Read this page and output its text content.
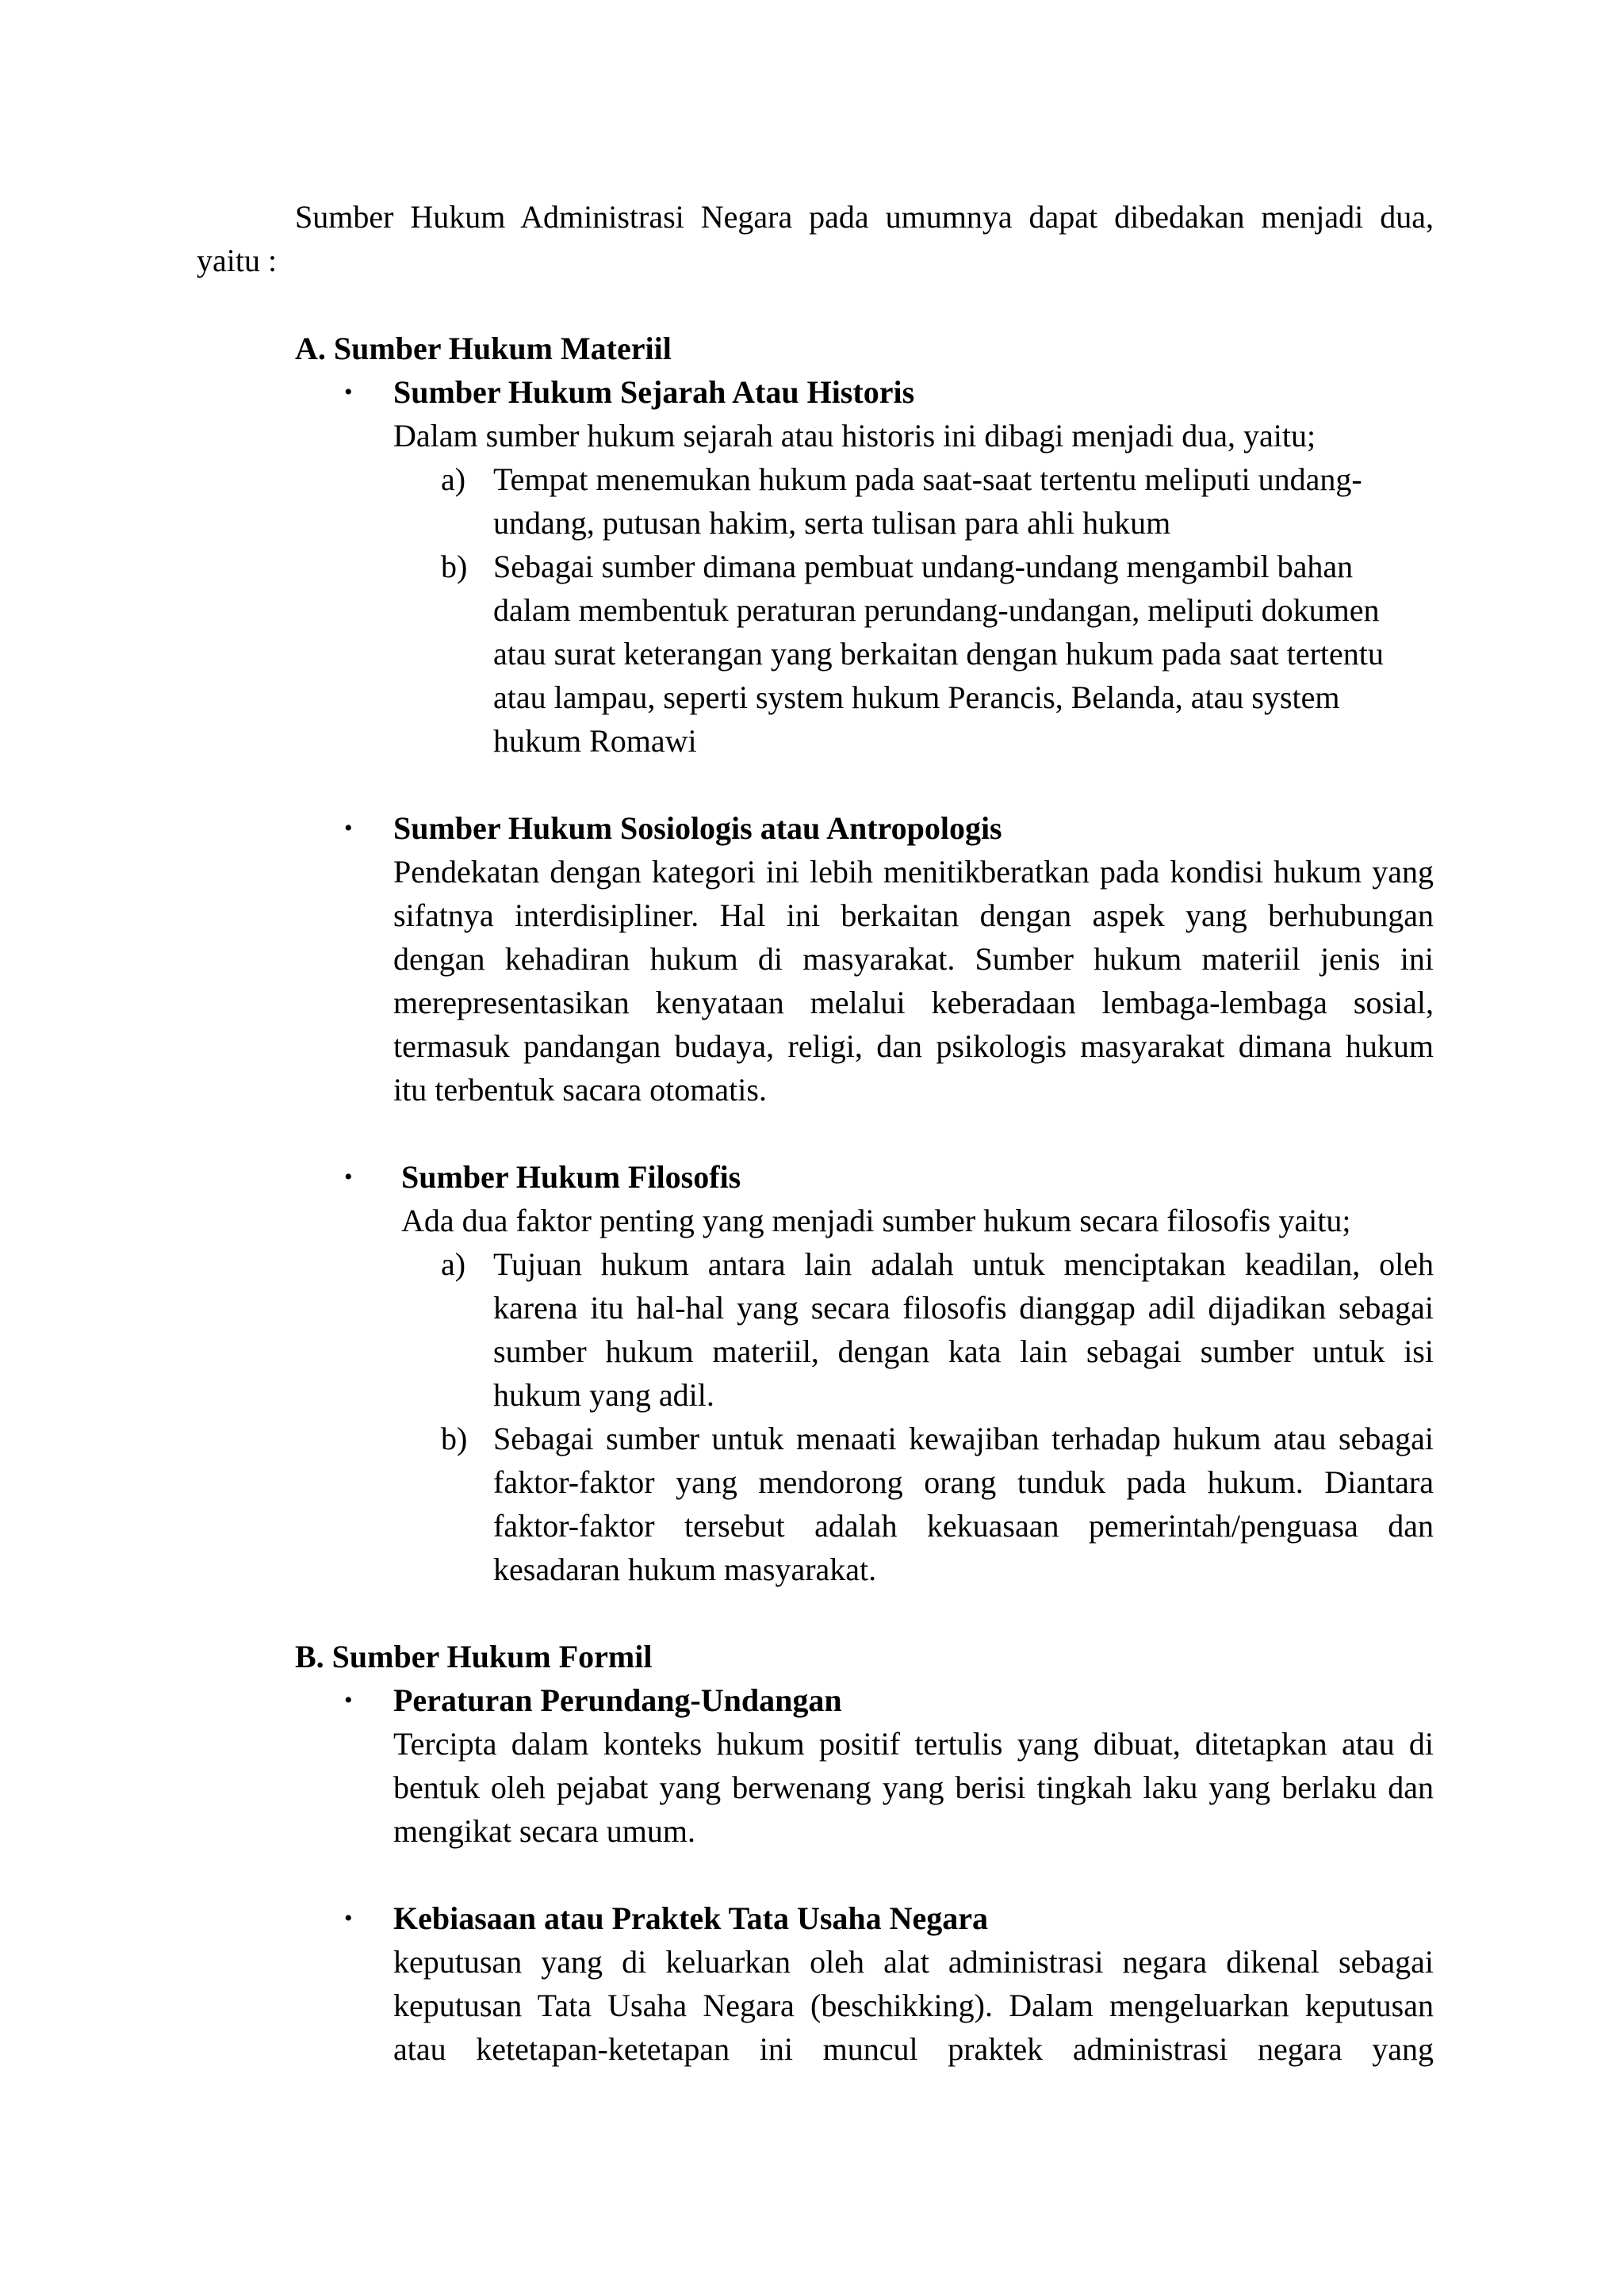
Sumber Hukum Administrasi Negara pada umumnya dapat dibedakan menjadi dua,
yaitu :
A. Sumber Hukum Materiil
• Sumber Hukum Sejarah Atau Historis
Dalam sumber hukum sejarah atau historis ini dibagi menjadi dua, yaitu;
a) Tempat menemukan hukum pada saat-saat tertentu meliputi undang-
undang, putusan hakim, serta tulisan para ahli hukum
b) Sebagai sumber dimana pembuat undang-undang mengambil bahan
dalam membentuk peraturan perundang-undangan, meliputi dokumen
atau surat keterangan yang berkaitan dengan hukum pada saat tertentu
atau lampau, seperti system hukum Perancis, Belanda, atau system
hukum Romawi
• Sumber Hukum Sosiologis atau Antropologis
Pendekatan dengan kategori ini lebih menitikberatkan pada kondisi hukum yang
sifatnya interdisipliner. Hal ini berkaitan dengan aspek yang berhubungan
dengan kehadiran hukum di masyarakat. Sumber hukum materiil jenis ini
merepresentasikan kenyataan melalui keberadaan lembaga-lembaga sosial,
termasuk pandangan budaya, religi, dan psikologis masyarakat dimana hukum
itu terbentuk sacara otomatis.
• Sumber Hukum Filosofis
Ada dua faktor penting yang menjadi sumber hukum secara filosofis yaitu;
a) Tujuan hukum antara lain adalah untuk menciptakan keadilan, oleh
karena itu hal-hal yang secara filosofis dianggap adil dijadikan sebagai
sumber hukum materiil, dengan kata lain sebagai sumber untuk isi
hukum yang adil.
b) Sebagai sumber untuk menaati kewajiban terhadap hukum atau sebagai
faktor-faktor yang mendorong orang tunduk pada hukum. Diantara
faktor-faktor tersebut adalah kekuasaan pemerintah/penguasa dan
kesadaran hukum masyarakat.
B. Sumber Hukum Formil
• Peraturan Perundang-Undangan
Tercipta dalam konteks hukum positif tertulis yang dibuat, ditetapkan atau di
bentuk oleh pejabat yang berwenang yang berisi tingkah laku yang berlaku dan
mengikat secara umum.
• Kebiasaan atau Praktek Tata Usaha Negara
keputusan yang di keluarkan oleh alat administrasi negara dikenal sebagai
keputusan Tata Usaha Negara (beschikking). Dalam mengeluarkan keputusan
atau ketetapan-ketetapan ini muncul praktek administrasi negara yang
